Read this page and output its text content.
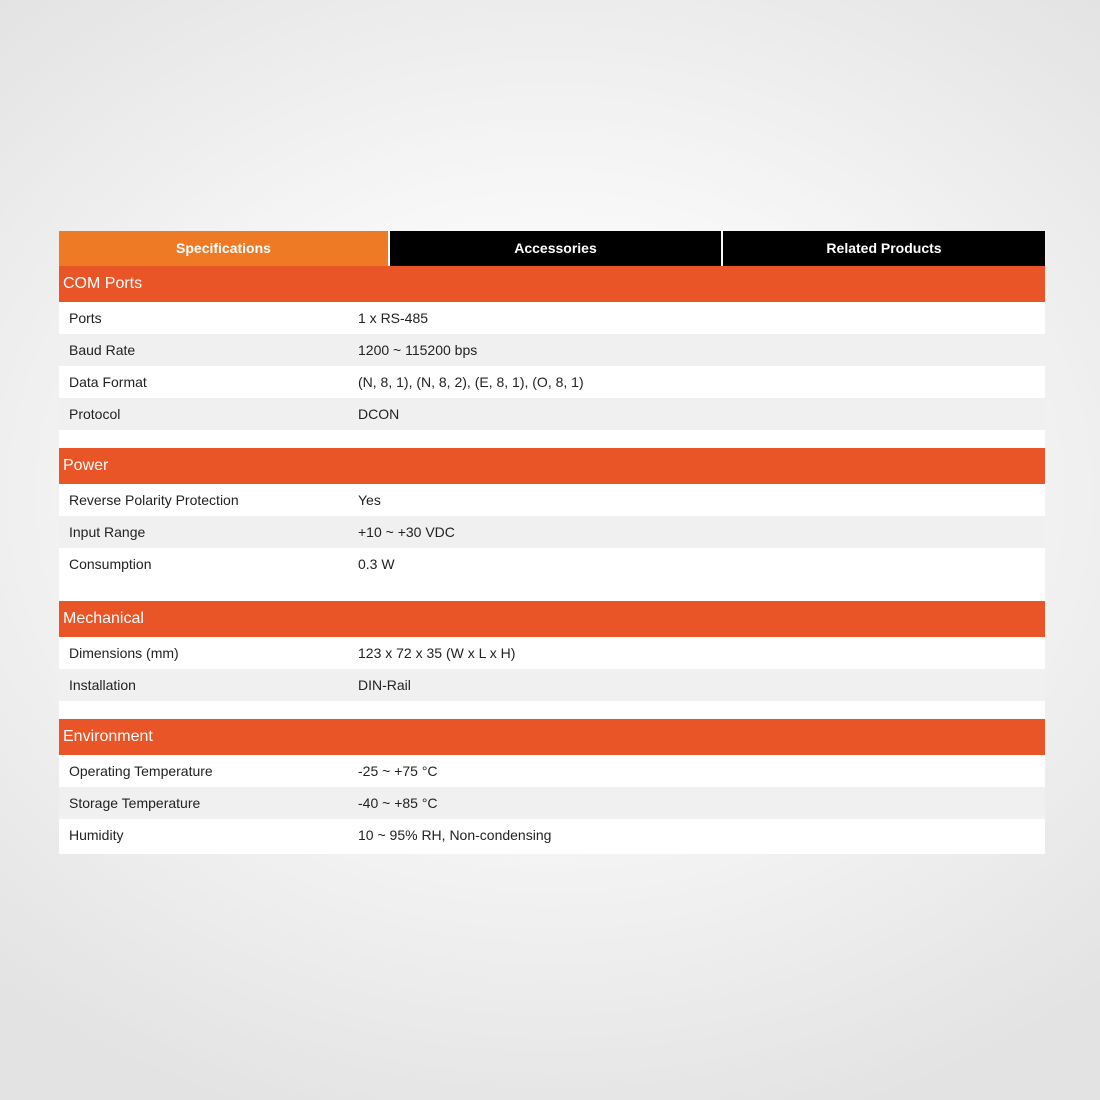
Specifications	Accessories	Related Products
COM Ports
Ports	1 x RS-485
Baud Rate	1200 ~ 115200 bps
Data Format	(N, 8, 1), (N, 8, 2), (E, 8, 1), (O, 8, 1)
Protocol	DCON
Power
Reverse Polarity Protection	Yes
Input Range	+10 ~ +30 VDC
Consumption	0.3 W
Mechanical
Dimensions (mm)	123 x 72 x 35 (W x L x H)
Installation	DIN-Rail
Environment
Operating Temperature	-25 ~ +75 °C
Storage Temperature	-40 ~ +85 °C
Humidity	10 ~ 95% RH, Non-condensing
